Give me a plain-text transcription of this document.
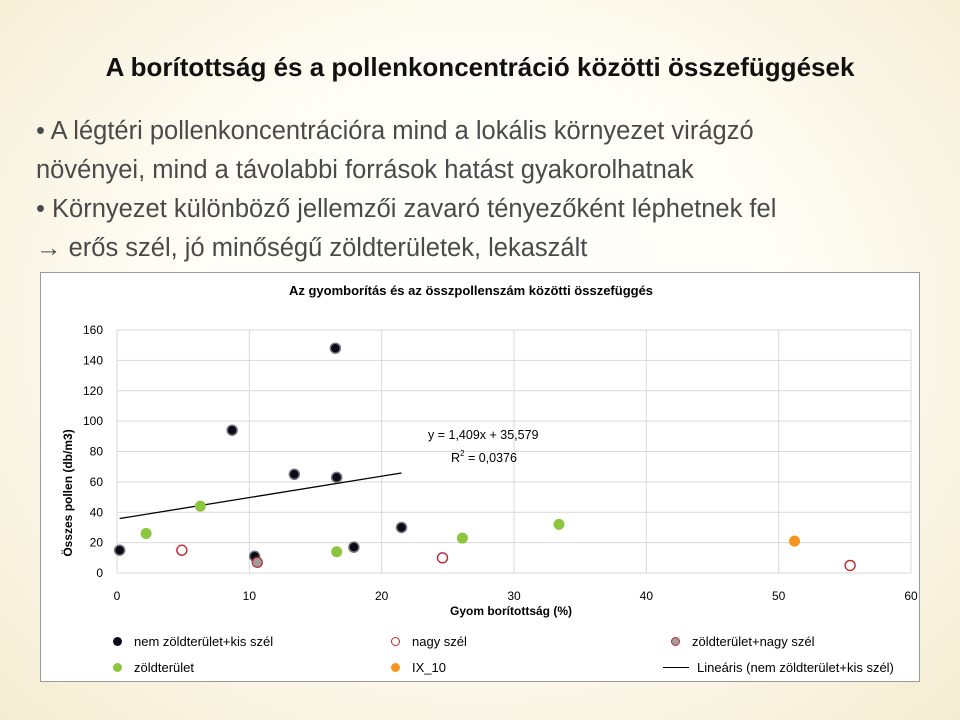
A borítottság és a pollenkoncentráció közötti összefüggések

• A légtéri pollenkoncentrációra mind a lokális környezet virágzó

növényei, mind a távolabbi források hatást gyakorolhatnak

• Környezet különböző jellemzői zavaró tényezőként léphetnek fel

→ erős szél, jó minőségű zöldterületek, lekaszált

Az gyomborítás és az összpollenszám közötti összefüggés
0
20
40
60
80
100
120
140
160
0	10	20	30	40	50	60
Összes pollen (db/m3)
Gyom borítottság (%)
y = 1,409x + 35,579
$R^2 = 0,0376$
nem zöldterület+kis szél	nagy szél	zöldterület+nagy szél
zöldterület	IX_10	Lineáris (nem zöldterület+kis szél)
